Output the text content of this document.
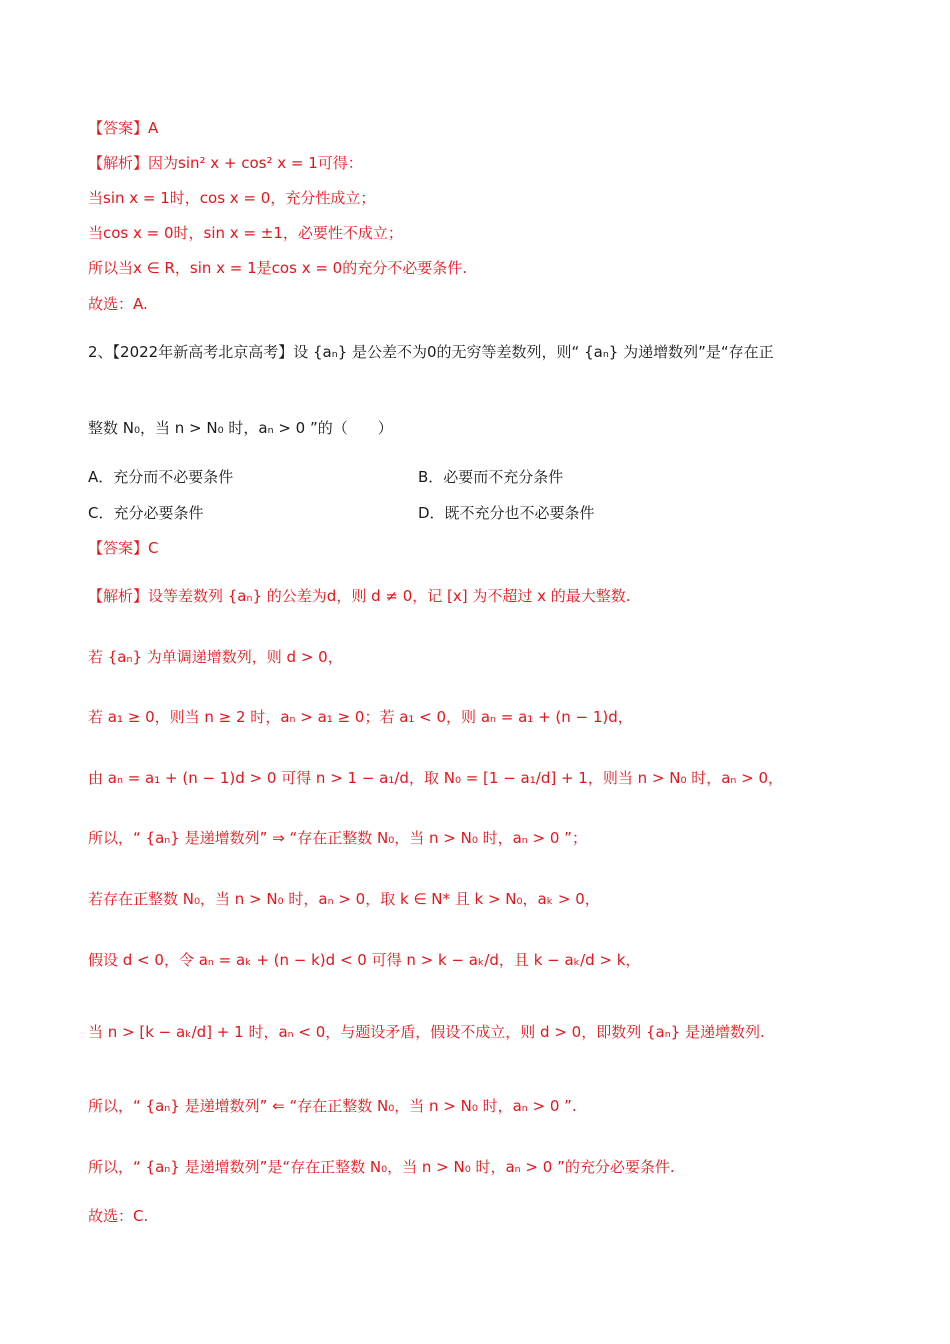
【答案】A
【解析】因为sin² x + cos² x = 1可得：
当sin x = 1时，cos x = 0，充分性成立；
当cos x = 0时，sin x = ±1，必要性不成立；
所以当x ∈ R，sin x = 1是cos x = 0的充分不必要条件.
故选：A.
2、【2022年新高考北京高考】设 {aₙ} 是公差不为0的无穷等差数列，则“ {aₙ} 为递增数列”是“存在正
整数 N₀，当 n > N₀ 时，aₙ > 0 ”的（　　）
A．充分而不必要条件	B．必要而不充分条件
C．充分必要条件	D．既不充分也不必要条件
【答案】C
【解析】设等差数列 {aₙ} 的公差为d，则 d ≠ 0，记 [x] 为不超过 x 的最大整数.
若 {aₙ} 为单调递增数列，则 d > 0，
若 a₁ ≥ 0，则当 n ≥ 2 时，aₙ > a₁ ≥ 0；若 a₁ < 0，则 aₙ = a₁ + (n − 1)d，
由 aₙ = a₁ + (n − 1)d > 0 可得 n > 1 − a₁/d，取 N₀ = [1 − a₁/d] + 1，则当 n > N₀ 时，aₙ > 0，
所以，“ {aₙ} 是递增数列” ⇒ “存在正整数 N₀，当 n > N₀ 时，aₙ > 0 ”；
若存在正整数 N₀，当 n > N₀ 时，aₙ > 0，取 k ∈ N* 且 k > N₀，aₖ > 0，
假设 d < 0，令 aₙ = aₖ + (n − k)d < 0 可得 n > k − aₖ/d，且 k − aₖ/d > k，
当 n > [k − aₖ/d] + 1 时，aₙ < 0，与题设矛盾，假设不成立，则 d > 0，即数列 {aₙ} 是递增数列.
所以，“ {aₙ} 是递增数列” ⇐ “存在正整数 N₀，当 n > N₀ 时，aₙ > 0 ”.
所以，“ {aₙ} 是递增数列”是“存在正整数 N₀，当 n > N₀ 时，aₙ > 0 ”的充分必要条件.
故选：C.
